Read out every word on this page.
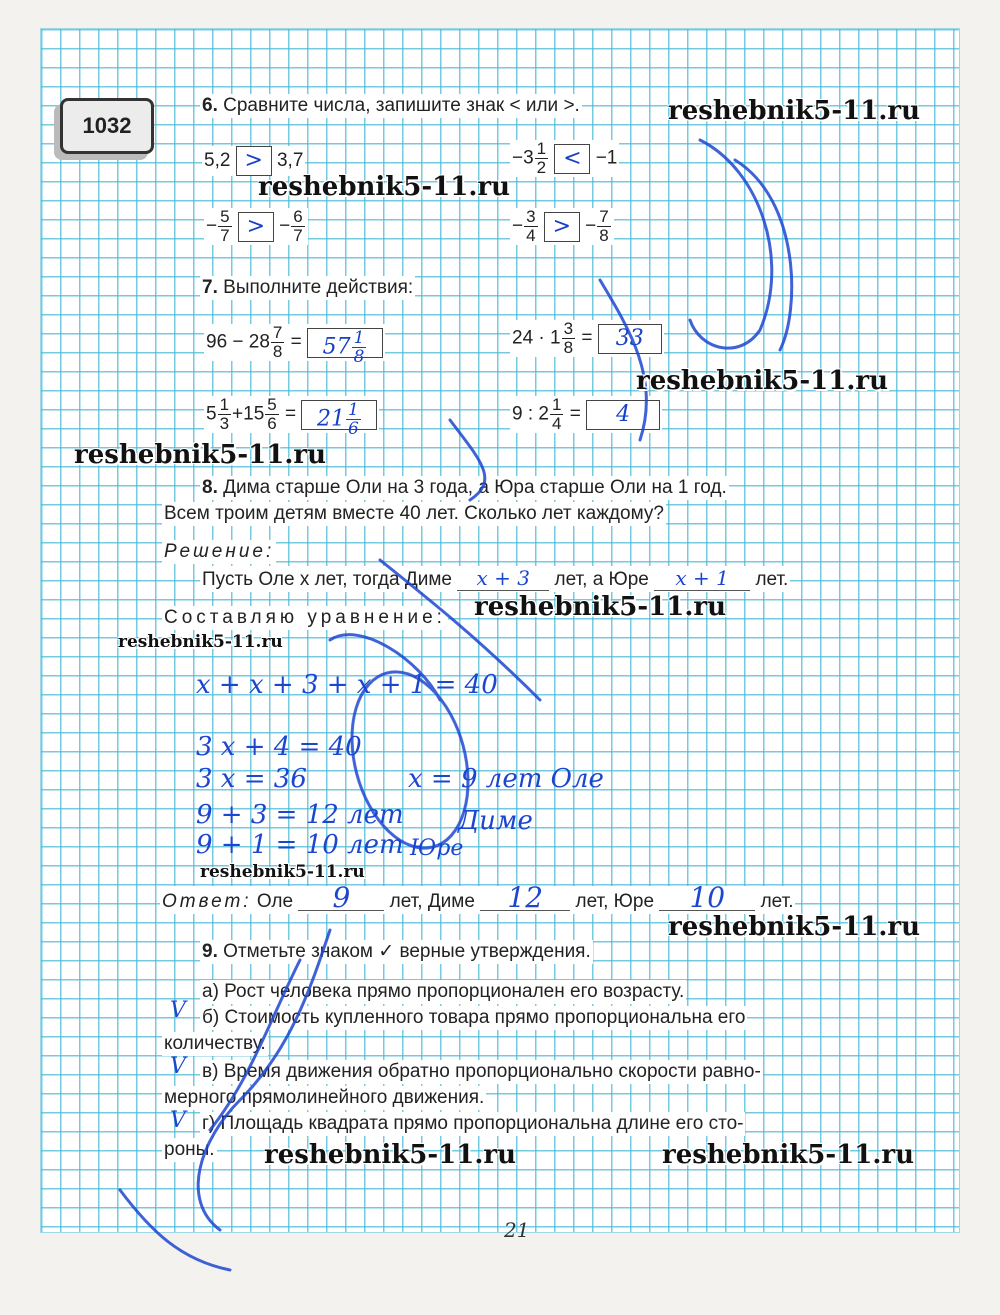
1032
6. Сравните числа, запишите знак < или >.
5,2 > 3,7	$-3 \frac{1}{2} < -1$
− $\frac{5}{7}$ > − $\frac{6}{7}$	− $\frac{3}{4}$ > − $\frac{7}{8}$
7. Выполните действия:
$96 - 28 \frac{7}{8} = 57 \frac{1}{8}$	$24 \cdot 1 \frac{3}{8} = 33$
$5 \frac{1}{3} +15 \frac{5}{6} = 21 \frac{1}{6}$	9 : $2 \frac{1}{4} = 4$
8. Дима старше Оли на 3 года, а Юра старше Оли на 1 год.
Всем троим детям вместе 40 лет. Сколько лет каждому?
Решение:
Пусть Оле x лет, тогда Диме x + 3 лет, а Юре x + 1 лет.
Составляю уравнение:
x + x + 3 + x + 1 = 40
3 x + 4 = 40
3 x = 36	x = 9 лет Оле
9 + 3 = 12 лет Диме
9 + 1 = 10 лет Юре
Ответ: Оле 9 лет, Диме 12 лет, Юре 10 лет.
9. Отметьте знаком ✓ верные утверждения.
а) Рост человека прямо пропорционален его возрасту.
V б) Стоимость купленного товара прямо пропорциональна его
количеству.
V в) Время движения обратно пропорционально скорости равно-
мерного прямолинейного движения.
V г) Площадь квадрата прямо пропорциональна длине его сто-
роны.
21
reshebnik5-11.ru
reshebnik5-11.ru
reshebnik5-11.ru
reshebnik5-11.ru
reshebnik5-11.ru
reshebnik5-11.ru
reshebnik5-11.ru
reshebnik5-11.ru
reshebnik5-11.ru	reshebnik5-11.ru
